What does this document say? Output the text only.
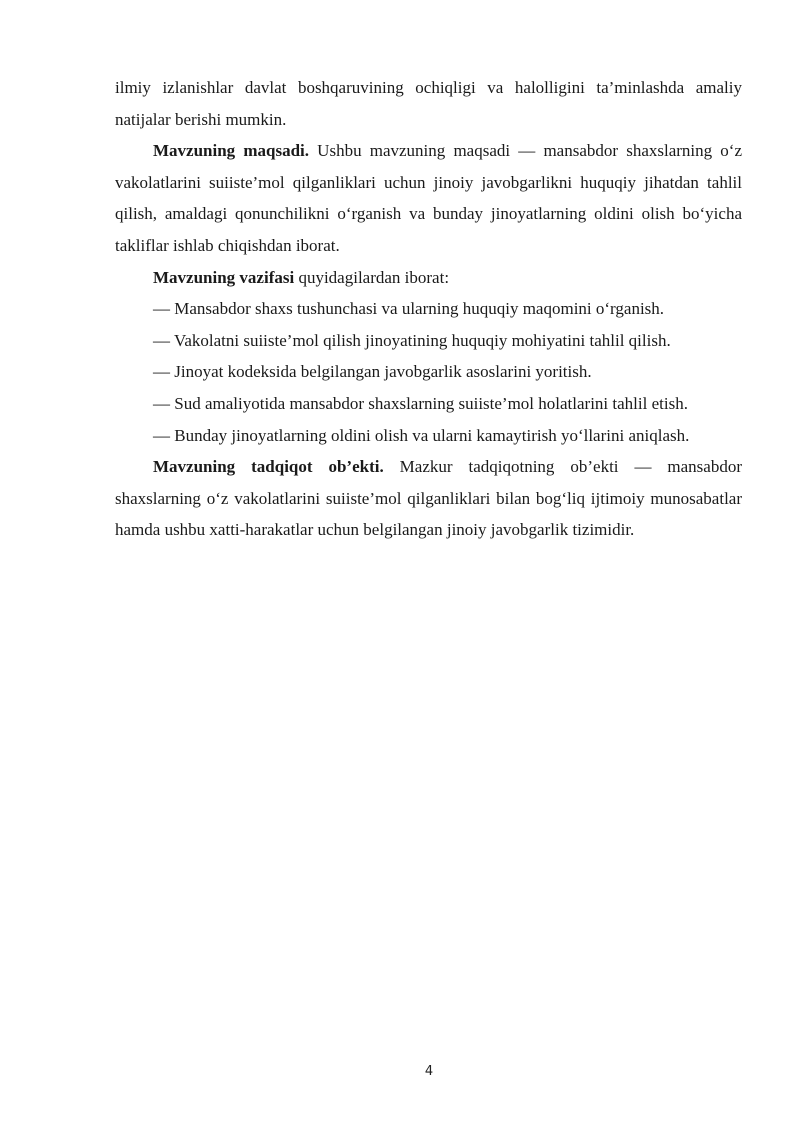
ilmiy izlanishlar davlat boshqaruvining ochiqligi va halolligini ta’minlashda amaliy natijalar berishi mumkin.

Mavzuning maqsadi. Ushbu mavzuning maqsadi — mansabdor shaxslarning o‘z vakolatlarini suiiste’mol qilganliklari uchun jinoiy javobgarlikni huquqiy jihatdan tahlil qilish, amaldagi qonunchilikni o‘rganish va bunday jinoyatlarning oldini olish bo‘yicha takliflar ishlab chiqishdan iborat.

Mavzuning vazifasi quyidagilardan iborat:

— Mansabdor shaxs tushunchasi va ularning huquqiy maqomini o‘rganish.

— Vakolatni suiiste’mol qilish jinoyatining huquqiy mohiyatini tahlil qilish.

— Jinoyat kodeksida belgilangan javobgarlik asoslarini yoritish.

— Sud amaliyotida mansabdor shaxslarning suiiste’mol holatlarini tahlil etish.

— Bunday jinoyatlarning oldini olish va ularni kamaytirish yo‘llarini aniqlash.

Mavzuning tadqiqot ob’ekti. Mazkur tadqiqotning ob’ekti — mansabdor shaxslarning o‘z vakolatlarini suiiste’mol qilganliklari bilan bog‘liq ijtimoiy munosabatlar hamda ushbu xatti-harakatlar uchun belgilangan jinoiy javobgarlik tizimidir.

4
